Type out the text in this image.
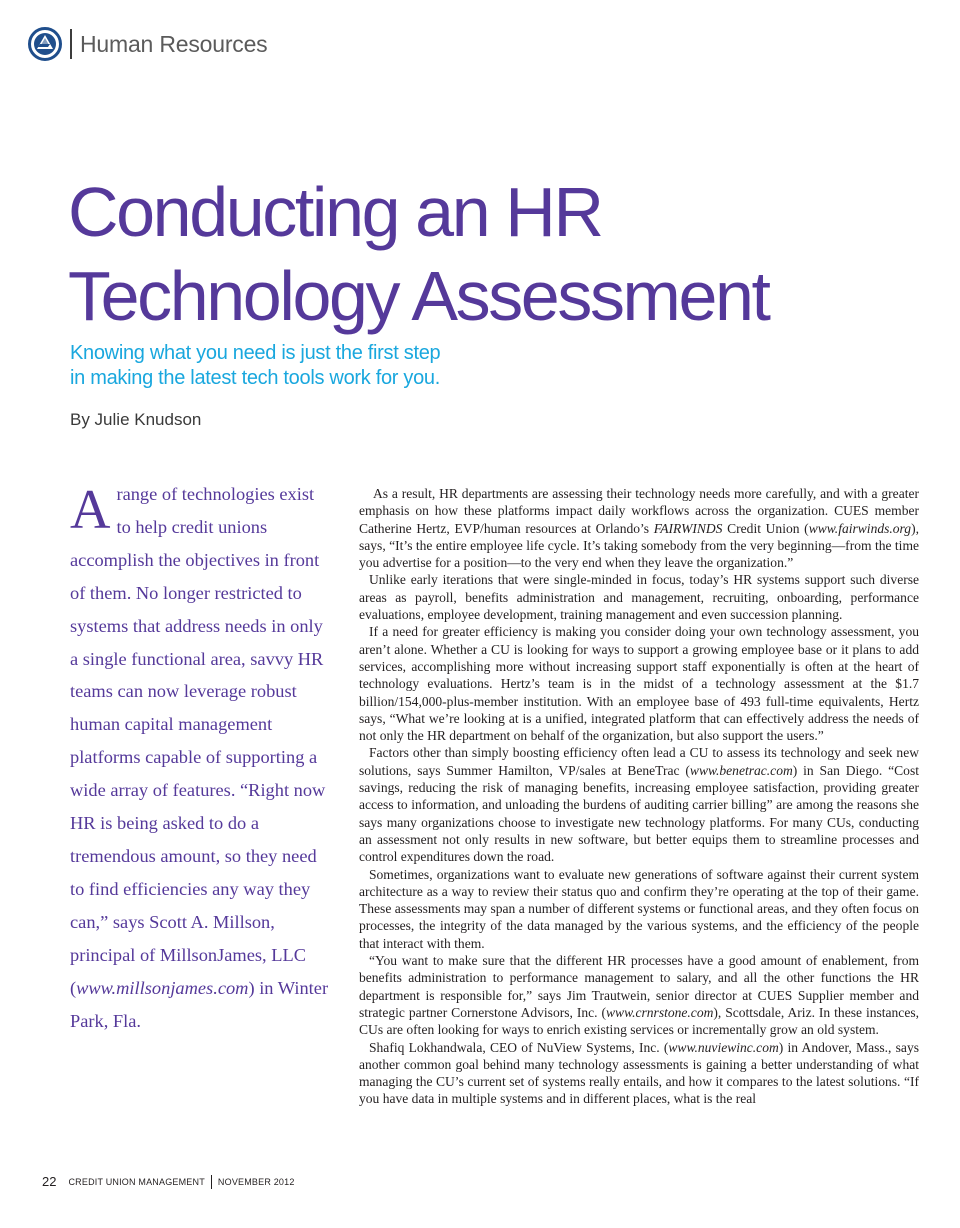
Human Resources
Conducting an HR
Technology Assessment

Knowing what you need is just the first step
in making the latest tech tools work for you.

By Julie Knudson

Arange of technologies exist to help credit unions accomplish the objectives in front of them. No longer restricted to systems that address needs in only a single functional area, savvy HR teams can now leverage robust human capital management platforms capable of supporting a wide array of features. “Right now HR is being asked to do a tremendous amount, so they need to find efficiencies any way they can,” says Scott A. Millson, principal of MillsonJames, LLC (www.millsonjames.com) in Winter Park, Fla.

As a result, HR departments are assessing their technology needs more carefully, and with a greater emphasis on how these platforms impact daily workflows across the organization. CUES member Catherine Hertz, EVP/human resources at Orlando’s FAIRWINDS Credit Union (www.fairwinds.org), says, “It’s the entire employee life cycle. It’s taking somebody from the very beginning—from the time you advertise for a position—to the very end when they leave the organization.”

Unlike early iterations that were single-minded in focus, today’s HR systems support such diverse areas as payroll, benefits administration and management, recruiting, onboarding, performance evaluations, employee development, training management and even succession planning.

If a need for greater efficiency is making you consider doing your own technology assessment, you aren’t alone. Whether a CU is looking for ways to support a growing employee base or it plans to add services, accomplishing more without increasing support staff exponentially is often at the heart of technology evaluations. Hertz’s team is in the midst of a technology assessment at the $1.7 billion/154,000-plus-member institution. With an employee base of 493 full-time equivalents, Hertz says, “What we’re looking at is a unified, integrated platform that can effectively address the needs of not only the HR department on behalf of the organization, but also support the users.”

Factors other than simply boosting efficiency often lead a CU to assess its technology and seek new solutions, says Summer Hamilton, VP/sales at BeneTrac (www.benetrac.com) in San Diego. “Cost savings, reducing the risk of managing benefits, increasing employee satisfaction, providing greater access to information, and unloading the burdens of auditing carrier billing” are among the reasons she says many organizations choose to investigate new technology platforms. For many CUs, conducting an assessment not only results in new software, but better equips them to streamline processes and control expenditures down the road.

Sometimes, organizations want to evaluate new generations of software against their current system architecture as a way to review their status quo and confirm they’re operating at the top of their game. These assessments may span a number of different systems or functional areas, and they often focus on processes, the integrity of the data managed by the various systems, and the efficiency of the people that interact with them.

“You want to make sure that the different HR processes have a good amount of enablement, from benefits administration to performance management to salary, and all the other functions the HR department is responsible for,” says Jim Trautwein, senior director at CUES Supplier member and strategic partner Cornerstone Advisors, Inc. (www.crnrstone.com), Scottsdale, Ariz. In these instances, CUs are often looking for ways to enrich existing services or incrementally grow an old system.

Shafiq Lokhandwala, CEO of NuView Systems, Inc. (www.nuviewinc.com) in Andover, Mass., says another common goal behind many technology assessments is gaining a better understanding of what managing the CU’s current set of systems really entails, and how it compares to the latest solutions. “If you have data in multiple systems and in different places, what is the real

22 CREDIT UNION MANAGEMENT NOVEMBER 2012
